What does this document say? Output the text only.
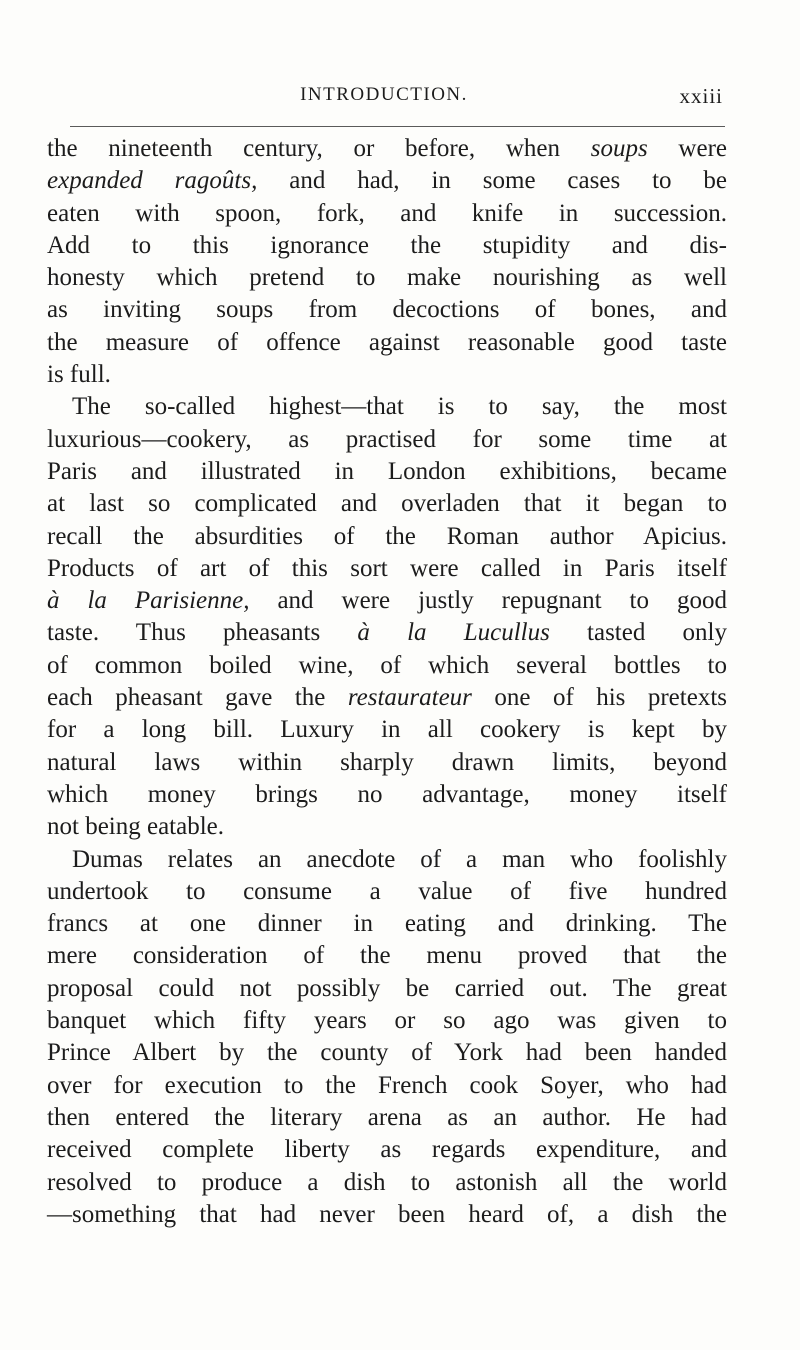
INTRODUCTION.	xxiii
the nineteenth century, or before, when soups were
expanded ragoûts, and had, in some cases to be
eaten with spoon, fork, and knife in succession.
Add to this ignorance the stupidity and dis-
honesty which pretend to make nourishing as well
as inviting soups from decoctions of bones, and
the measure of offence against reasonable good taste
is full.
The so-called highest—that is to say, the most
luxurious—cookery, as practised for some time at
Paris and illustrated in London exhibitions, became
at last so complicated and overladen that it began to
recall the absurdities of the Roman author Apicius.
Products of art of this sort were called in Paris itself
à la Parisienne, and were justly repugnant to good
taste. Thus pheasants à la Lucullus tasted only
of common boiled wine, of which several bottles to
each pheasant gave the restaurateur one of his pretexts
for a long bill. Luxury in all cookery is kept by
natural laws within sharply drawn limits, beyond
which money brings no advantage, money itself
not being eatable.
Dumas relates an anecdote of a man who foolishly
undertook to consume a value of five hundred
francs at one dinner in eating and drinking. The
mere consideration of the menu proved that the
proposal could not possibly be carried out. The great
banquet which fifty years or so ago was given to
Prince Albert by the county of York had been handed
over for execution to the French cook Soyer, who had
then entered the literary arena as an author. He had
received complete liberty as regards expenditure, and
resolved to produce a dish to astonish all the world
—something that had never been heard of, a dish the
